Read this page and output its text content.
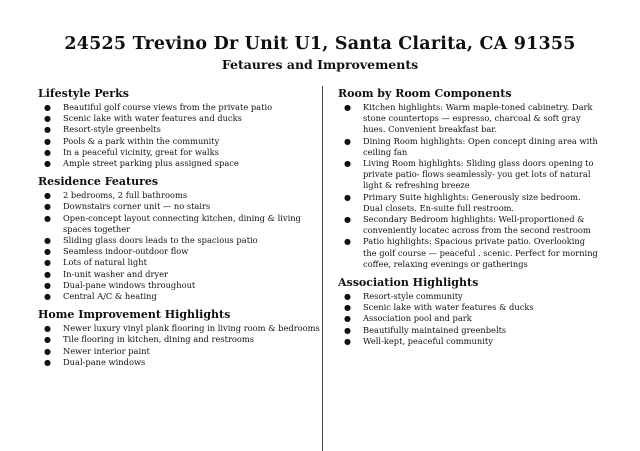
24525 Trevino Dr Unit U1, Santa Clarita, CA 91355
Fetaures and Improvements
Lifestyle Perks
● Beautiful golf course views from the private patio
● Scenic lake with water features and ducks
● Resort-style greenbelts
● Pools & a park within the community
● In a peaceful vicinity, great for walks
● Ample street parking plus assigned space
Residence Features
● 2 bedrooms, 2 full bathrooms
● Downstairs corner unit — no stairs
● Open-concept layout connecting kitchen, dining & living spaces together
● Sliding glass doors leads to the spacious patio
● Seamless indoor-outdoor flow
● Lots of natural light
● In-unit washer and dryer
● Dual-pane windows throughout
● Central A/C & heating
Home Improvement Highlights
● Newer luxury vinyl plank flooring in living room & bedrooms
● Tile flooring in kitchen, dining and restrooms
● Newer interior paint
● Dual-pane windows
Room by Room Components
● Kitchen highlights: Warm maple-toned cabinetry. Dark stone countertops — espresso, charcoal & soft gray hues. Convenient breakfast bar.
● Dining Room highlights: Open concept dining area with ceiling fan
● Living Room highlights: Sliding glass doors opening to private patio- flows seamlessly- you get lots of natural light & refreshing breeze
● Primary Suite highlights: Generously size bedroom. Dual closets. En-suite full restroom.
● Secondary Bedroom highlights: Well-proportioned & conveniently locatec across from the second restroom
● Patio highlights: Spacious private patio. Overlooking the golf course — peaceful . scenic. Perfect for morning coffee, relaxing evenings or gatherings
Association Highlights
● Resort-style community
● Scenic lake with water features & ducks
● Association pool and park
● Beautifully maintained greenbelts
● Well-kept, peaceful community
